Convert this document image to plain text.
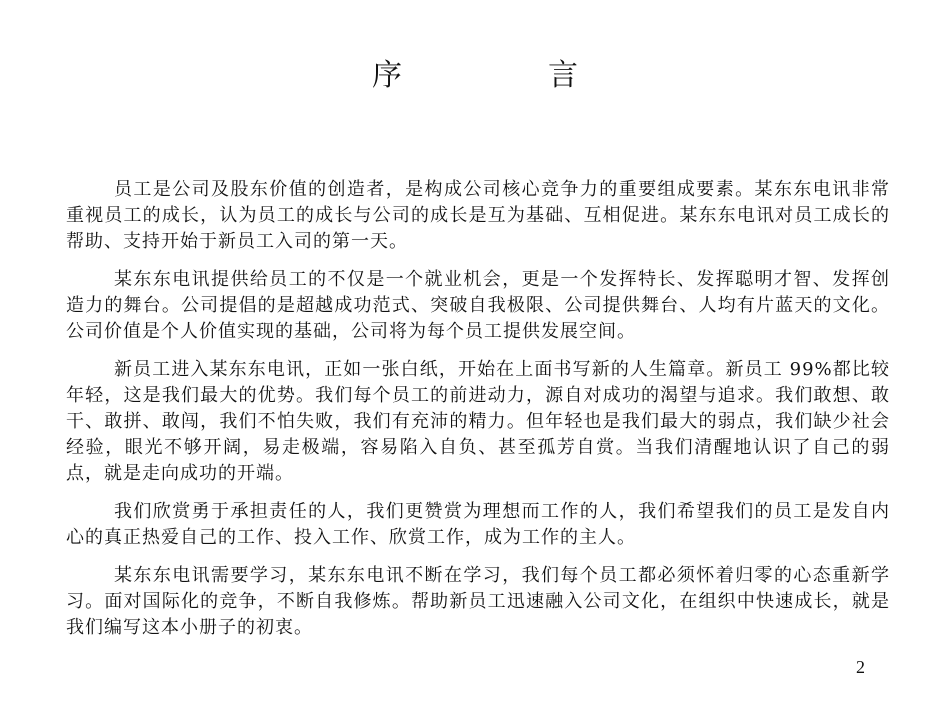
序　言

员工是公司及股东价值的创造者，是构成公司核心竞争力的重要组成要素。某东东电讯非常重视员工的成长，认为员工的成长与公司的成长是互为基础、互相促进。某东东电讯对员工成长的帮助、支持开始于新员工入司的第一天。

某东东电讯提供给员工的不仅是一个就业机会，更是一个发挥特长、发挥聪明才智、发挥创造力的舞台。公司提倡的是超越成功范式、突破自我极限、公司提供舞台、人均有片蓝天的文化。公司价值是个人价值实现的基础，公司将为每个员工提供发展空间。

新员工进入某东东电讯，正如一张白纸，开始在上面书写新的人生篇章。新员工 99%都比较年轻，这是我们最大的优势。我们每个员工的前进动力，源自对成功的渴望与追求。我们敢想、敢干、敢拼、敢闯，我们不怕失败，我们有充沛的精力。但年轻也是我们最大的弱点，我们缺少社会经验，眼光不够开阔，易走极端，容易陷入自负、甚至孤芳自赏。当我们清醒地认识了自己的弱点，就是走向成功的开端。

我们欣赏勇于承担责任的人，我们更赞赏为理想而工作的人，我们希望我们的员工是发自内心的真正热爱自己的工作、投入工作、欣赏工作，成为工作的主人。

某东东电讯需要学习，某东东电讯不断在学习，我们每个员工都必须怀着归零的心态重新学习。面对国际化的竞争，不断自我修炼。帮助新员工迅速融入公司文化，在组织中快速成长，就是我们编写这本小册子的初衷。

2
